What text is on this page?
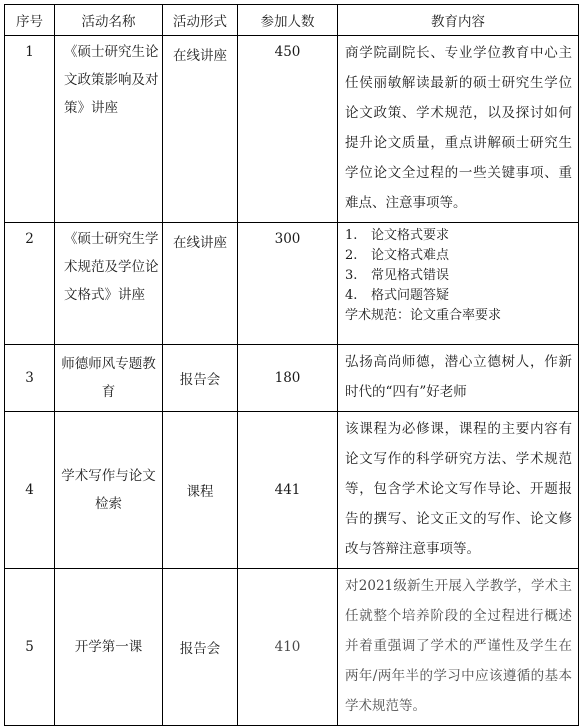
序号	活动名称	活动形式	参加人数	教育内容
1	《硕士研究生论文政策影响及对策》讲座	在线讲座	450	商学院副院长、专业学位教育中心主任侯丽敏解读最新的硕士研究生学位论文政策、学术规范，以及探讨如何提升论文质量，重点讲解硕士研究生学位论文全过程的一些关键事项、重难点、注意事项等。
2	《硕士研究生学术规范及学位论文格式》讲座	在线讲座	300	1. 论文格式要求
2. 论文格式难点
3. 常见格式错误
4. 格式问题答疑
学术规范：论文重合率要求

3	师德师风专题教育	报告会	180	弘扬高尚师德，潜心立德树人，作新时代的“四有”好老师
4	学术写作与论文检索	课程	441	该课程为必修课，课程的主要内容有论文写作的科学研究方法、学术规范等，包含学术论文写作导论、开题报告的撰写、论文正文的写作、论文修改与答辩注意事项等。
5	开学第一课	报告会	410	对2021级新生开展入学教学，学术主任就整个培养阶段的全过程进行概述并着重强调了学术的严谨性及学生在两年/两年半的学习中应该遵循的基本学术规范等。
